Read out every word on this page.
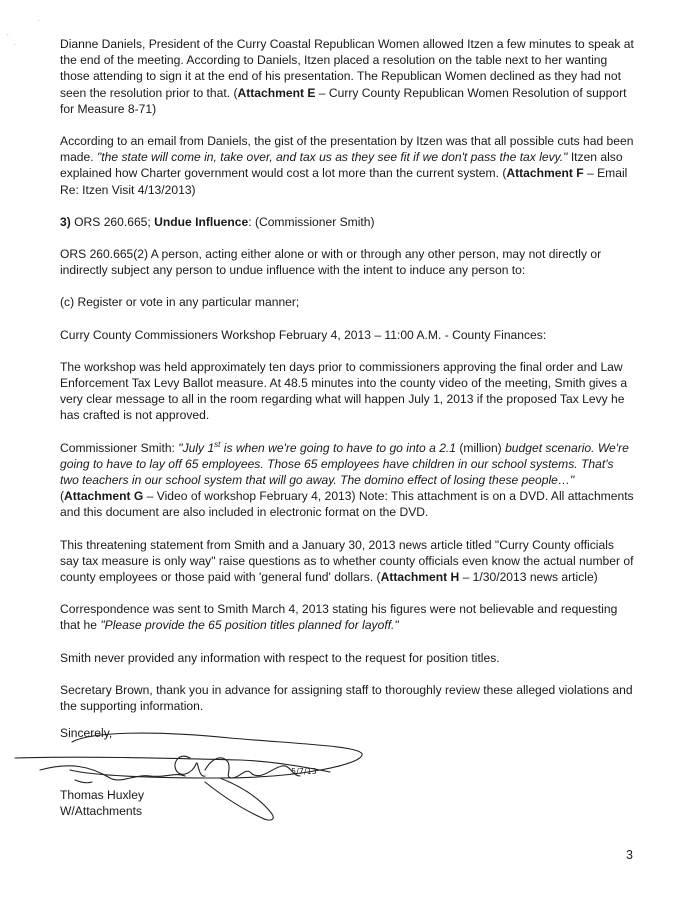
.
-
.	Dianne Daniels, President of the Curry Coastal Republican Women allowed Itzen a few minutes to speak at the end of the meeting. According to Daniels, Itzen placed a resolution on the table next to her wanting those attending to sign it at the end of his presentation. The Republican Women declined as they had not seen the resolution prior to that. (Attachment E – Curry County Republican Women Resolution of support for Measure 8-71)

According to an email from Daniels, the gist of the presentation by Itzen was that all possible cuts had been made. "the state will come in, take over, and tax us as they see fit if we don't pass the tax levy." Itzen also explained how Charter government would cost a lot more than the current system. (Attachment F – Email Re: Itzen Visit 4/13/2013)

3) ORS 260.665; Undue Influence: (Commissioner Smith)

ORS 260.665(2) A person, acting either alone or with or through any other person, may not directly or indirectly subject any person to undue influence with the intent to induce any person to:

(c) Register or vote in any particular manner;

Curry County Commissioners Workshop February 4, 2013 – 11:00 A.M. - County Finances:

The workshop was held approximately ten days prior to commissioners approving the final order and Law Enforcement Tax Levy Ballot measure. At 48.5 minutes into the county video of the meeting, Smith gives a very clear message to all in the room regarding what will happen July 1, 2013 if the proposed Tax Levy he has crafted is not approved.

Commissioner Smith: "July 1st is when we're going to have to go into a 2.1 (million) budget scenario. We're going to have to lay off 65 employees. Those 65 employees have children in our school systems. That's two teachers in our school system that will go away. The domino effect of losing these people…" (Attachment G – Video of workshop February 4, 2013) Note: This attachment is on a DVD. All attachments and this document are also included in electronic format on the DVD.

This threatening statement from Smith and a January 30, 2013 news article titled "Curry County officials say tax measure is only way" raise questions as to whether county officials even know the actual number of county employees or those paid with 'general fund' dollars. (Attachment H – 1/30/2013 news article)

Correspondence was sent to Smith March 4, 2013 stating his figures were not believable and requesting that he "Please provide the 65 position titles planned for layoff."

Smith never provided any information with respect to the request for position titles.

Secretary Brown, thank you in advance for assigning staff to thoroughly review these alleged violations and the supporting information.

Sincerely,
5/7/13
Thomas Huxley
W/Attachments
3
